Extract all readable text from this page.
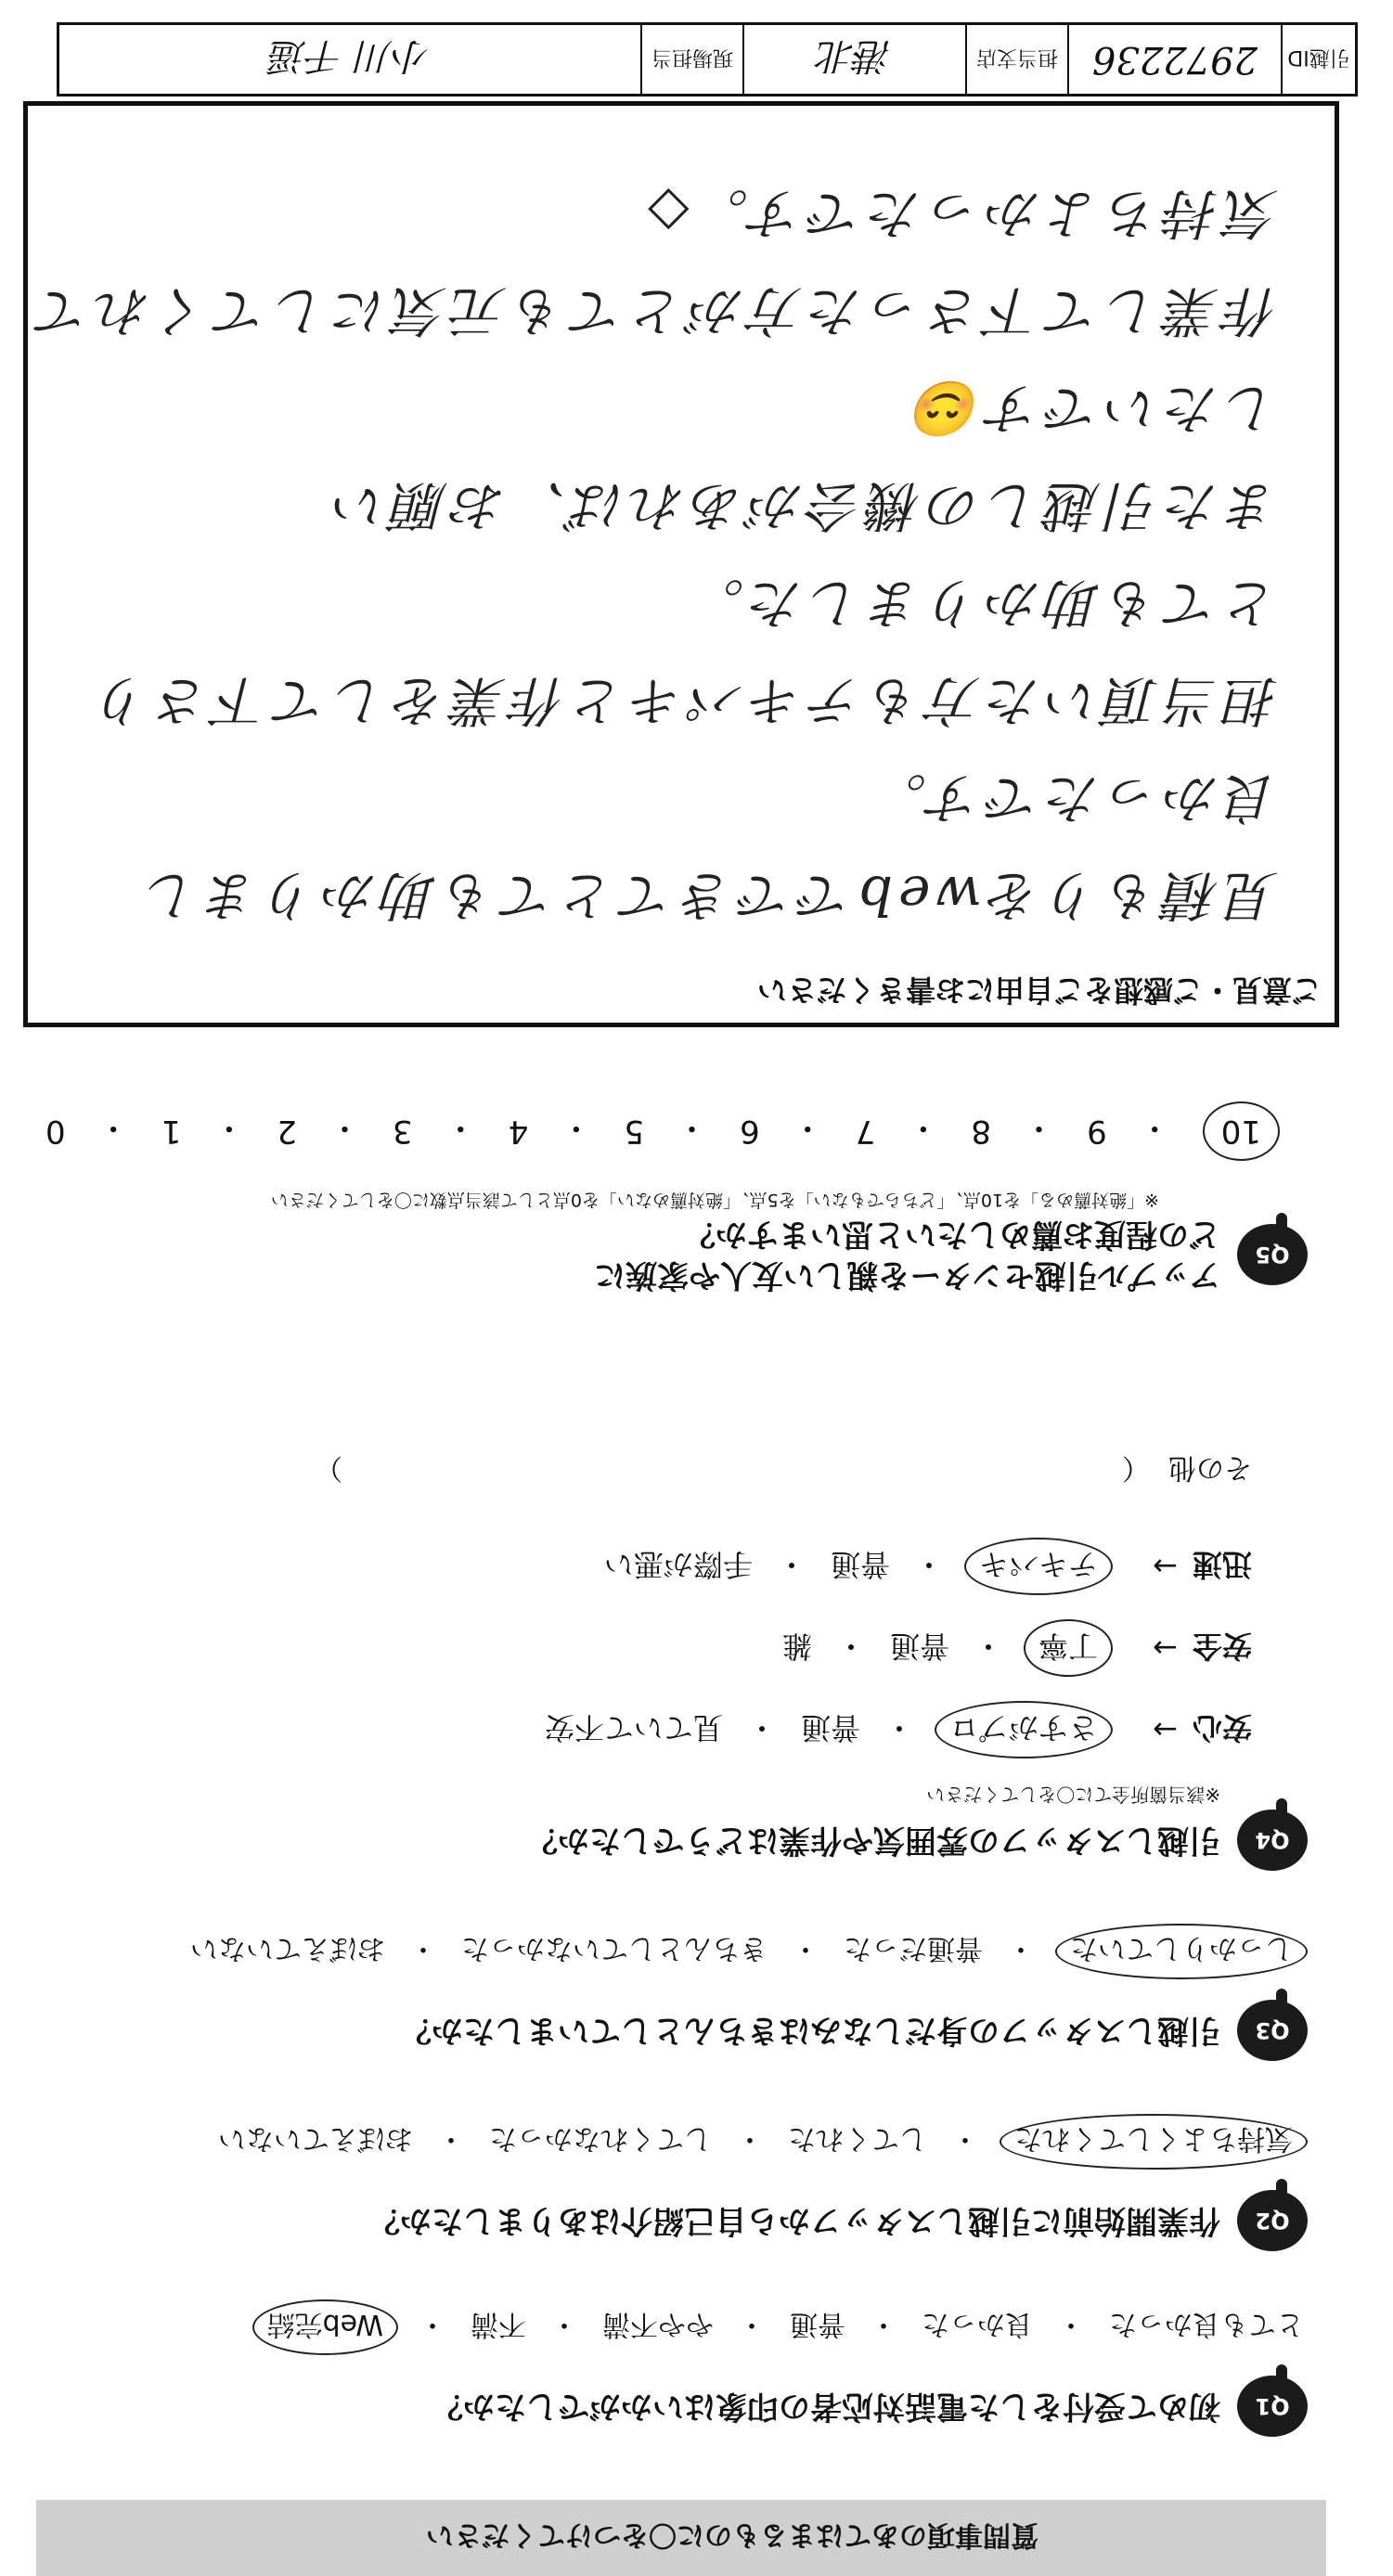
質問事項のあてはまるものに〇をつけてください
Q1
初めて受付をした電話対応者の印象はいかがでしたか？
とても良かった
・
良かった
・
普通
・
やや不満
・
不満
・
Web完結
Q2
作業開始前に引越しスタッフから自己紹介はありましたか？
気持ちよくしてくれた
・
してくれた
・
してくれなかった
・
おぼえていない
Q3
引越しスタッフの身だしなみはきちんとしていましたか？
しっかりしていた
・
普通だった
・
きちんとしていなかった
・
おぼえていない
Q4
引越しスタッフの雰囲気や作業はどうでしたか？
※該当箇所全てに〇をしてください
安心
→
さすがプロ
・
普通
・
見ていて不安
安全
→
丁寧
・
普通
・
雑
迅速
→
テキパキ
・
普通
・
手際が悪い
その他
（
）
Q5
アップル引越センターを親しい友人や家族に
どの程度お薦めしたいと思いますか？
※「絶対薦める」を10点、「どちらでもない」を5点、「絶対薦めない」を0点として該当点数に〇をしてください
10
・
9
・
8
・
7
・
6
・
5
・
4
・
3
・
2
・
1
・
0
ご意見・ご感想をご自由にお書きください
見積もりをwebでできてとても助かりまし
良かったです。
担当頂いた方もテキパキと作業をして下さり
とても助かりました。
また引越しの機会があれば、お願い
したいです😊
作業して下さった方がとても元気にしてくれて
気持ちよかったです。◇
引越ID
2972236
担当支店
港北
現場担当
小川 千遥
